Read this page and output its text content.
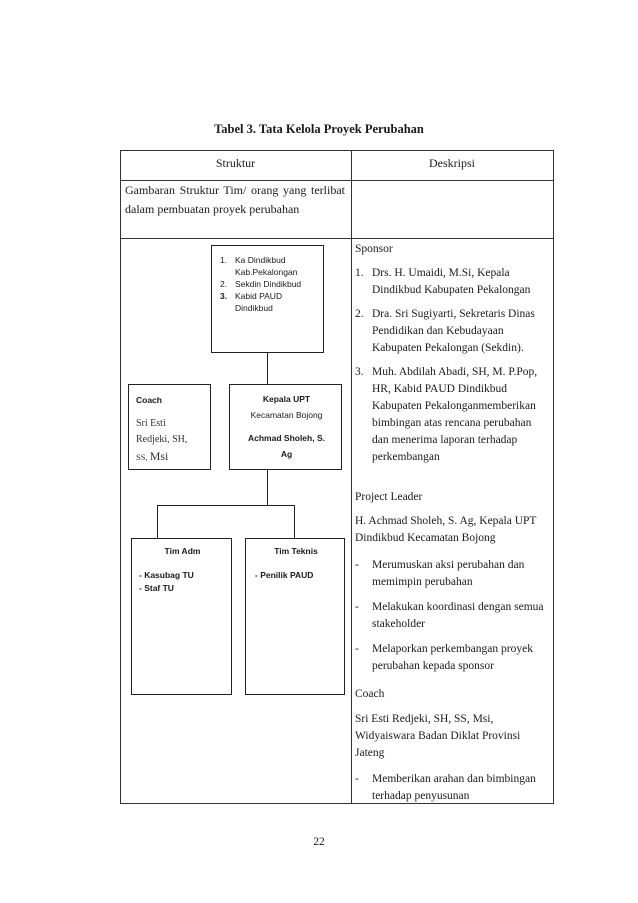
Tabel 3. Tata Kelola Proyek Perubahan
Struktur	Deskripsi
Gambaran Struktur Tim/ orang yang terlibat dalam pembuatan proyek perubahan
1. Ka Dindikbud Kab.Pekalongan
2. Sekdin Dindikbud
3. Kabid PAUD Dindikbud
Coach
Sri Esti
Redjeki, SH,
SS, Msi
Kepala UPT
Kecamatan Bojong
Achmad Sholeh, S.
Ag
Tim Adm
- Kasubag TU
- Staf TU
Tim Teknis
- Penilik PAUD
Sponsor
1. Drs. H. Umaidi, M.Si, Kepala Dindikbud Kabupaten Pekalongan
2. Dra. Sri Sugiyarti, Sekretaris Dinas Pendidikan dan Kebudayaan Kabupaten Pekalongan (Sekdin).
3. Muh. Abdilah Abadi, SH, M. P.Pop, HR, Kabid PAUD Dindikbud Kabupaten Pekalonganmemberikan bimbingan atas rencana perubahan dan menerima laporan terhadap perkembangan
Project Leader
H. Achmad Sholeh, S. Ag, Kepala UPT Dindikbud Kecamatan Bojong
- Merumuskan aksi perubahan dan memimpin perubahan
- Melakukan koordinasi dengan semua stakeholder
- Melaporkan perkembangan proyek perubahan kepada sponsor
Coach
Sri Esti Redjeki, SH, SS, Msi, Widyaiswara Badan Diklat Provinsi Jateng
- Memberikan arahan dan bimbingan terhadap penyusunan
22
